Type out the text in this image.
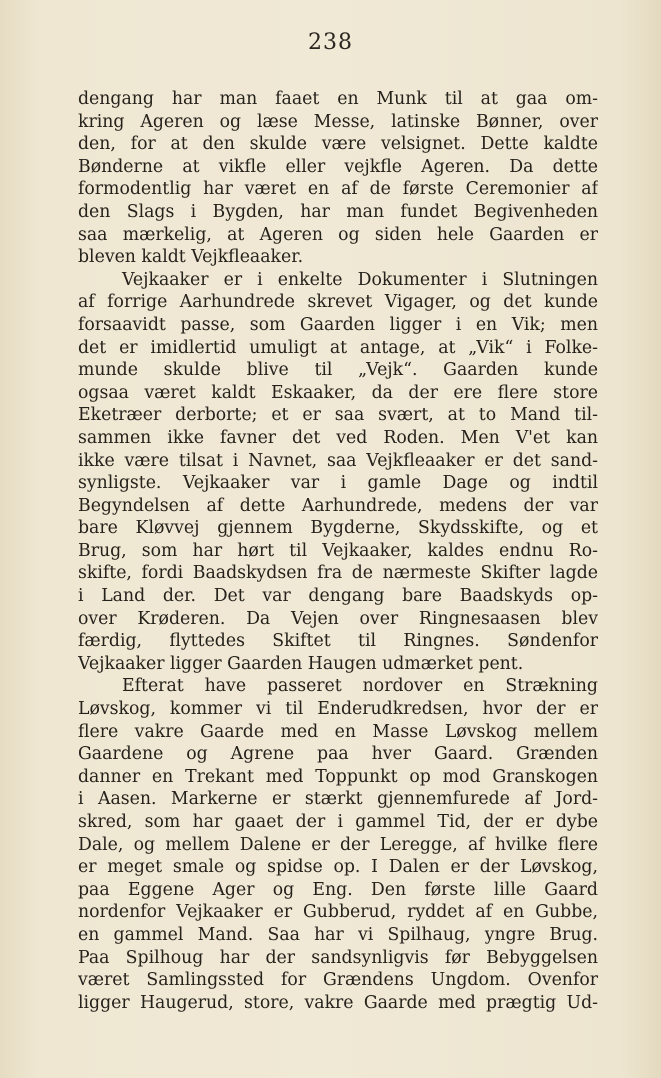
238
dengang har man faaet en Munk til at gaa om-
kring Ageren og læse Messe, latinske Bønner, over
den, for at den skulde være velsignet. Dette kaldte
Bønderne at vikfle eller vejkfle Ageren. Da dette
formodentlig har været en af de første Ceremonier af
den Slags i Bygden, har man fundet Begivenheden
saa mærkelig, at Ageren og siden hele Gaarden er
bleven kaldt Vejkfleaaker.
Vejkaaker er i enkelte Dokumenter i Slutningen
af forrige Aarhundrede skrevet Vigager, og det kunde
forsaavidt passe, som Gaarden ligger i en Vik; men
det er imidlertid umuligt at antage, at „Vik“ i Folke-
munde skulde blive til „Vejk“. Gaarden kunde
ogsaa været kaldt Eskaaker, da der ere flere store
Eketræer derborte; et er saa svært, at to Mand til-
sammen ikke favner det ved Roden. Men V'et kan
ikke være tilsat i Navnet, saa Vejkfleaaker er det sand-
synligste. Vejkaaker var i gamle Dage og indtil
Begyndelsen af dette Aarhundrede, medens der var
bare Kløvvej gjennem Bygderne, Skydsskifte, og et
Brug, som har hørt til Vejkaaker, kaldes endnu Ro-
skifte, fordi Baadskydsen fra de nærmeste Skifter lagde
i Land der. Det var dengang bare Baadskyds op-
over Krøderen. Da Vejen over Ringnesaasen blev
færdig, flyttedes Skiftet til Ringnes. Søndenfor
Vejkaaker ligger Gaarden Haugen udmærket pent.
Efterat have passeret nordover en Strækning
Løvskog, kommer vi til Enderudkredsen, hvor der er
flere vakre Gaarde med en Masse Løvskog mellem
Gaardene og Agrene paa hver Gaard. Grænden
danner en Trekant med Toppunkt op mod Granskogen
i Aasen. Markerne er stærkt gjennemfurede af Jord-
skred, som har gaaet der i gammel Tid, der er dybe
Dale, og mellem Dalene er der Leregge, af hvilke flere
er meget smale og spidse op. I Dalen er der Løvskog,
paa Eggene Ager og Eng. Den første lille Gaard
nordenfor Vejkaaker er Gubberud, ryddet af en Gubbe,
en gammel Mand. Saa har vi Spilhaug, yngre Brug.
Paa Spilhoug har der sandsynligvis før Bebyggelsen
været Samlingssted for Grændens Ungdom. Ovenfor
ligger Haugerud, store, vakre Gaarde med prægtig Ud-
